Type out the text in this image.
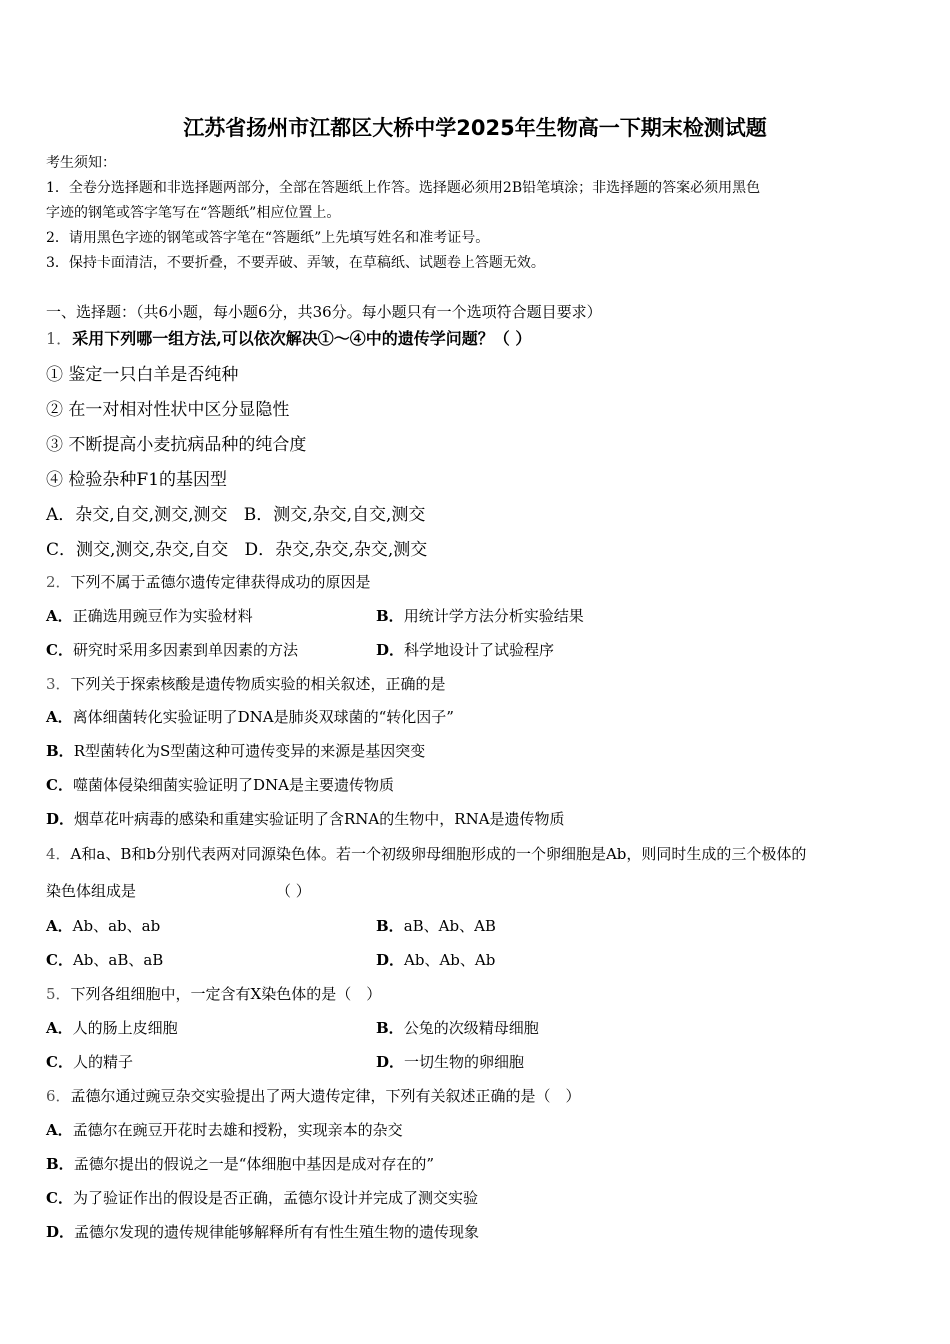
江苏省扬州市江都区大桥中学2025年生物高一下期末检测试题
考生须知：
1．全卷分选择题和非选择题两部分，全部在答题纸上作答。选择题必须用2B铅笔填涂；非选择题的答案必须用黑色
字迹的钢笔或答字笔写在“答题纸”相应位置上。
2．请用黑色字迹的钢笔或答字笔在“答题纸”上先填写姓名和准考证号。
3．保持卡面清洁，不要折叠，不要弄破、弄皱，在草稿纸、试题卷上答题无效。
一、选择题：（共6小题，每小题6分，共36分。每小题只有一个选项符合题目要求）
1．采用下列哪一组方法,可以依次解决①～④中的遗传学问题？（ ）
① 鉴定一只白羊是否纯种
② 在一对相对性状中区分显隐性
③ 不断提高小麦抗病品种的纯合度
④ 检验杂种F1的基因型
A．杂交,自交,测交,测交 B．测交,杂交,自交,测交
C．测交,测交,杂交,自交 D．杂交,杂交,杂交,测交
2．下列不属于孟德尔遗传定律获得成功的原因是
A．正确选用豌豆作为实验材料	B．用统计学方法分析实验结果
C．研究时采用多因素到单因素的方法	D．科学地设计了试验程序
3．下列关于探索核酸是遗传物质实验的相关叙述，正确的是
A．离体细菌转化实验证明了DNA是肺炎双球菌的“转化因子”
B．R型菌转化为S型菌这种可遗传变异的来源是基因突变
C．噬菌体侵染细菌实验证明了DNA是主要遗传物质
D．烟草花叶病毒的感染和重建实验证明了含RNA的生物中，RNA是遗传物质
4．A和a、B和b分别代表两对同源染色体。若一个初级卵母细胞形成的一个卵细胞是Ab，则同时生成的三个极体的
染色体组成是	（ ）
A．Ab、ab、ab	B．aB、Ab、AB
C．Ab、aB、aB	D．Ab、Ab、Ab
5．下列各组细胞中，一定含有X染色体的是（　）
A．人的肠上皮细胞	B．公兔的次级精母细胞
C．人的精子	D．一切生物的卵细胞
6．孟德尔通过豌豆杂交实验提出了两大遗传定律，下列有关叙述正确的是（　）
A．孟德尔在豌豆开花时去雄和授粉，实现亲本的杂交
B．孟德尔提出的假说之一是“体细胞中基因是成对存在的”
C．为了验证作出的假设是否正确，孟德尔设计并完成了测交实验
D．孟德尔发现的遗传规律能够解释所有有性生殖生物的遗传现象
